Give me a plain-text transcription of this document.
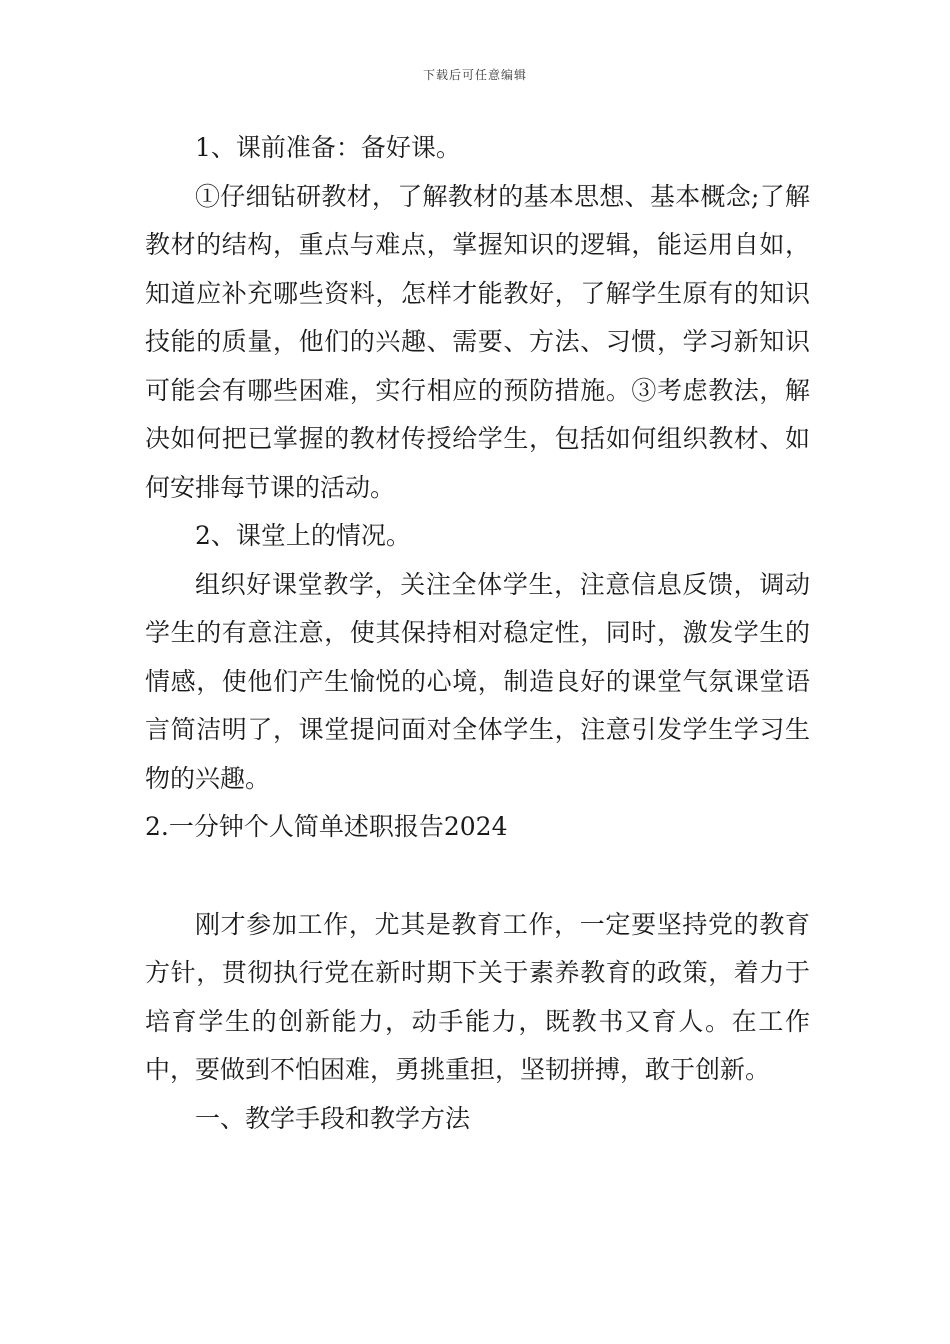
下载后可任意编辑

1、课前准备：备好课。

①仔细钻研教材，了解教材的基本思想、基本概念;了解教材的结构，重点与难点，掌握知识的逻辑，能运用自如，知道应补充哪些资料，怎样才能教好，了解学生原有的知识技能的质量，他们的兴趣、需要、方法、习惯，学习新知识可能会有哪些困难，实行相应的预防措施。③考虑教法，解决如何把已掌握的教材传授给学生，包括如何组织教材、如何安排每节课的活动。

2、课堂上的情况。

组织好课堂教学，关注全体学生，注意信息反馈，调动学生的有意注意，使其保持相对稳定性，同时，激发学生的情感，使他们产生愉悦的心境，制造良好的课堂气氛课堂语言简洁明了，课堂提问面对全体学生，注意引发学生学习生物的兴趣。

2.一分钟个人简单述职报告2024

刚才参加工作，尤其是教育工作，一定要坚持党的教育方针，贯彻执行党在新时期下关于素养教育的政策，着力于培育学生的创新能力，动手能力，既教书又育人。在工作中，要做到不怕困难，勇挑重担，坚韧拼搏，敢于创新。

一、教学手段和教学方法
